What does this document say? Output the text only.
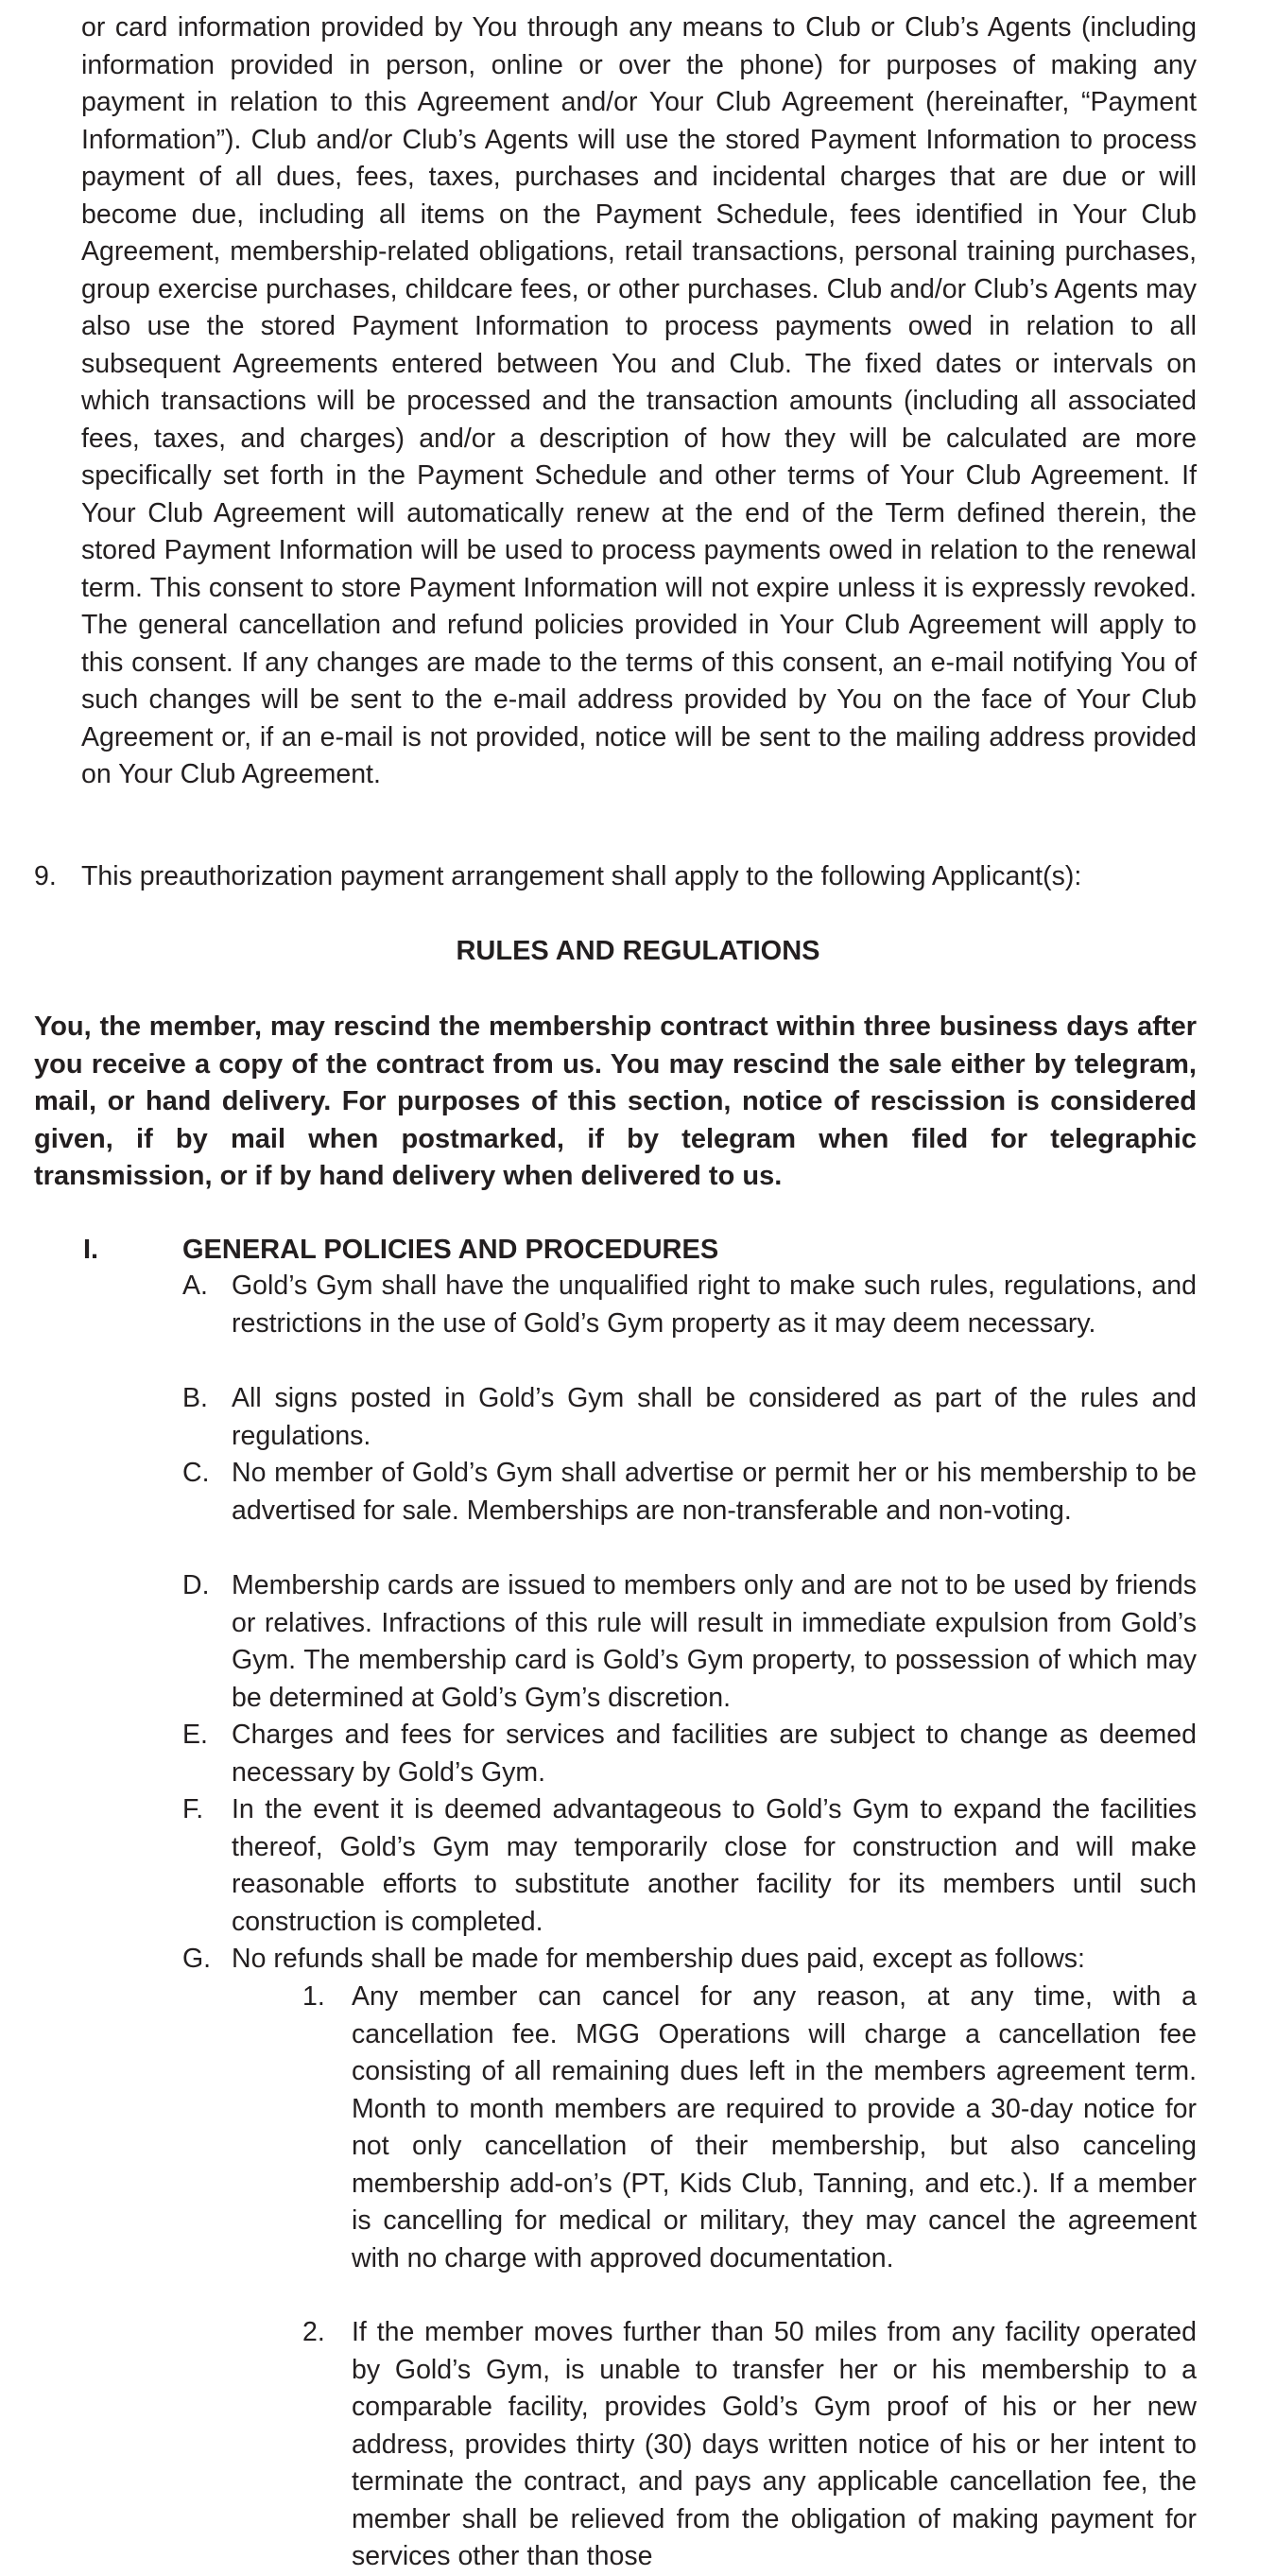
or card information provided by You through any means to Club or Club’s Agents (including information provided in person, online or over the phone) for purposes of making any payment in relation to this Agreement and/or Your Club Agreement (hereinafter, “Payment Information”). Club and/or Club’s Agents will use the stored Payment Information to process payment of all dues, fees, taxes, purchases and incidental charges that are due or will become due, including all items on the Payment Schedule, fees identified in Your Club Agreement, membership-related obligations, retail transactions, personal training purchases, group exercise purchases, childcare fees, or other purchases. Club and/or Club’s Agents may also use the stored Payment Information to process payments owed in relation to all subsequent Agreements entered between You and Club. The fixed dates or intervals on which transactions will be processed and the transaction amounts (including all associated fees, taxes, and charges) and/or a description of how they will be calculated are more specifically set forth in the Payment Schedule and other terms of Your Club Agreement. If Your Club Agreement will automatically renew at the end of the Term defined therein, the stored Payment Information will be used to process payments owed in relation to the renewal term. This consent to store Payment Information will not expire unless it is expressly revoked. The general cancellation and refund policies provided in Your Club Agreement will apply to this consent. If any changes are made to the terms of this consent, an e-mail notifying You of such changes will be sent to the e-mail address provided by You on the face of Your Club Agreement or, if an e-mail is not provided, notice will be sent to the mailing address provided on Your Club Agreement.

9. This preauthorization payment arrangement shall apply to the following Applicant(s):

RULES AND REGULATIONS

You, the member, may rescind the membership contract within three business days after you receive a copy of the contract from us. You may rescind the sale either by telegram, mail, or hand delivery. For purposes of this section, notice of rescission is considered given, if by mail when postmarked, if by telegram when filed for telegraphic transmission, or if by hand delivery when delivered to us.

I.	GENERAL POLICIES AND PROCEDURES
A. Gold’s Gym shall have the unqualified right to make such rules, regulations, and restrictions in the use of Gold’s Gym property as it may deem necessary.
B. All signs posted in Gold’s Gym shall be considered as part of the rules and regulations.
C. No member of Gold’s Gym shall advertise or permit her or his membership to be advertised for sale. Memberships are non-transferable and non-voting.
D. Membership cards are issued to members only and are not to be used by friends or relatives. Infractions of this rule will result in immediate expulsion from Gold’s Gym. The membership card is Gold’s Gym property, to possession of which may be determined at Gold’s Gym’s discretion.
E. Charges and fees for services and facilities are subject to change as deemed necessary by Gold’s Gym.
F. In the event it is deemed advantageous to Gold’s Gym to expand the facilities thereof, Gold’s Gym may temporarily close for construction and will make reasonable efforts to substitute another facility for its members until such construction is completed.
G. No refunds shall be made for membership dues paid, except as follows:
1. Any member can cancel for any reason, at any time, with a cancellation fee. MGG Operations will charge a cancellation fee consisting of all remaining dues left in the members agreement term. Month to month members are required to provide a 30-day notice for not only cancellation of their membership, but also canceling membership add-on’s (PT, Kids Club, Tanning, and etc.). If a member is cancelling for medical or military, they may cancel the agreement with no charge with approved documentation.
2. If the member moves further than 50 miles from any facility operated by Gold’s Gym, is unable to transfer her or his membership to a comparable facility, provides Gold’s Gym proof of his or her new address, provides thirty (30) days written notice of his or her intent to terminate the contract, and pays any applicable cancellation fee, the member shall be relieved from the obligation of making payment for services other than those
